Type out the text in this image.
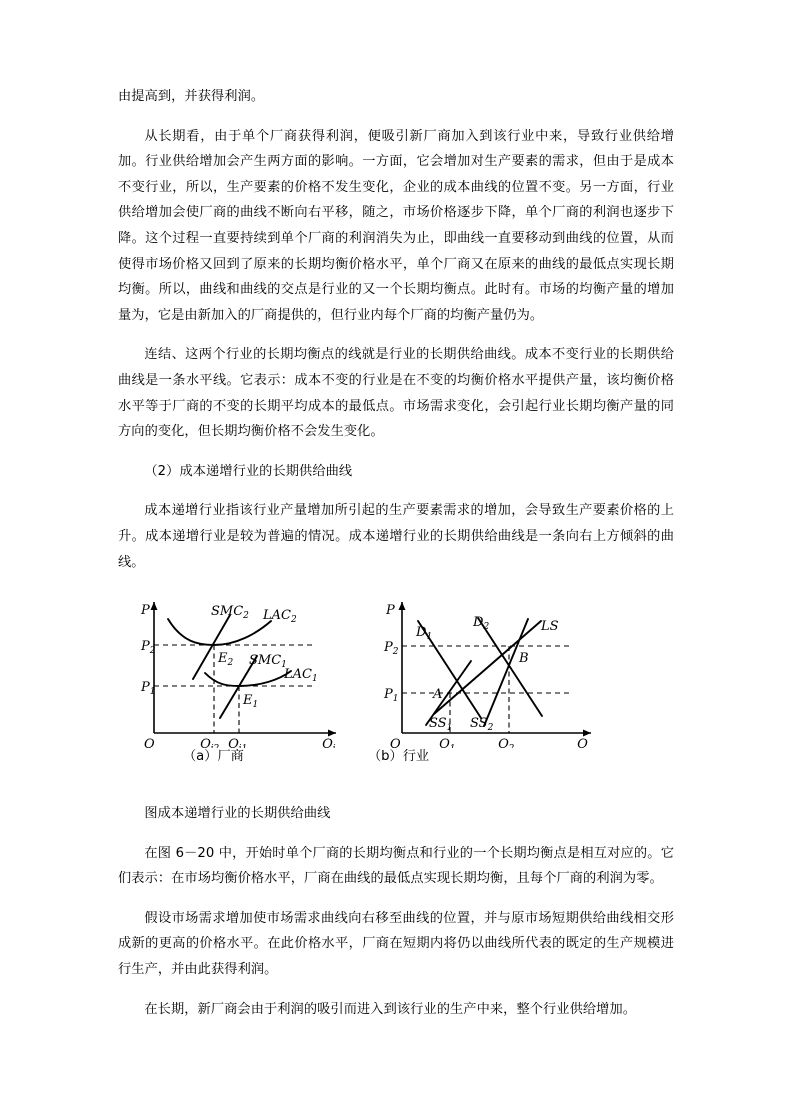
由提高到，并获得利润。

从长期看，由于单个厂商获得利润，便吸引新厂商加入到该行业中来，导致行业供给增加。行业供给增加会产生两方面的影响。一方面，它会增加对生产要素的需求，但由于是成本不变行业，所以，生产要素的价格不发生变化，企业的成本曲线的位置不变。另一方面，行业供给增加会使厂商的曲线不断向右平移，随之，市场价格逐步下降，单个厂商的利润也逐步下降。这个过程一直要持续到单个厂商的利润消失为止，即曲线一直要移动到曲线的位置，从而使得市场价格又回到了原来的长期均衡价格水平，单个厂商又在原来的曲线的最低点实现长期均衡。所以，曲线和曲线的交点是行业的又一个长期均衡点。此时有。市场的均衡产量的增加量为，它是由新加入的厂商提供的，但行业内每个厂商的均衡产量仍为。

连结、这两个行业的长期均衡点的线就是行业的长期供给曲线。成本不变行业的长期供给曲线是一条水平线。它表示：成本不变的行业是在不变的均衡价格水平提供产量，该均衡价格水平等于厂商的不变的长期平均成本的最低点。市场需求变化，会引起行业长期均衡产量的同方向的变化，但长期均衡价格不会发生变化。

（2）成本递增行业的长期供给曲线

成本递增行业指该行业产量增加所引起的生产要素需求的增加，会导致生产要素价格的上升。成本递增行业是较为普遍的情况。成本递增行业的长期供给曲线是一条向右上方倾斜的曲线。

P
$P_2$
$P_1$
O	Q	Q	Q
$SMC_2$ $LAC_2$
$SMC_1$
$LAC_1$
$E_2$
$E_1$
P
$P_2$
$P_1$
O	Q	Q	Q
$D_1$
$D_2$	LS
$SS_1$ $SS_2$
A
B
（a）厂商	（b）行业

图成本递增行业的长期供给曲线

在图 6－20 中，开始时单个厂商的长期均衡点和行业的一个长期均衡点是相互对应的。它们表示：在市场均衡价格水平，厂商在曲线的最低点实现长期均衡，且每个厂商的利润为零。

假设市场需求增加使市场需求曲线向右移至曲线的位置，并与原市场短期供给曲线相交形成新的更高的价格水平。在此价格水平，厂商在短期内将仍以曲线所代表的既定的生产规模进行生产，并由此获得利润。

在长期，新厂商会由于利润的吸引而进入到该行业的生产中来，整个行业供给增加。
